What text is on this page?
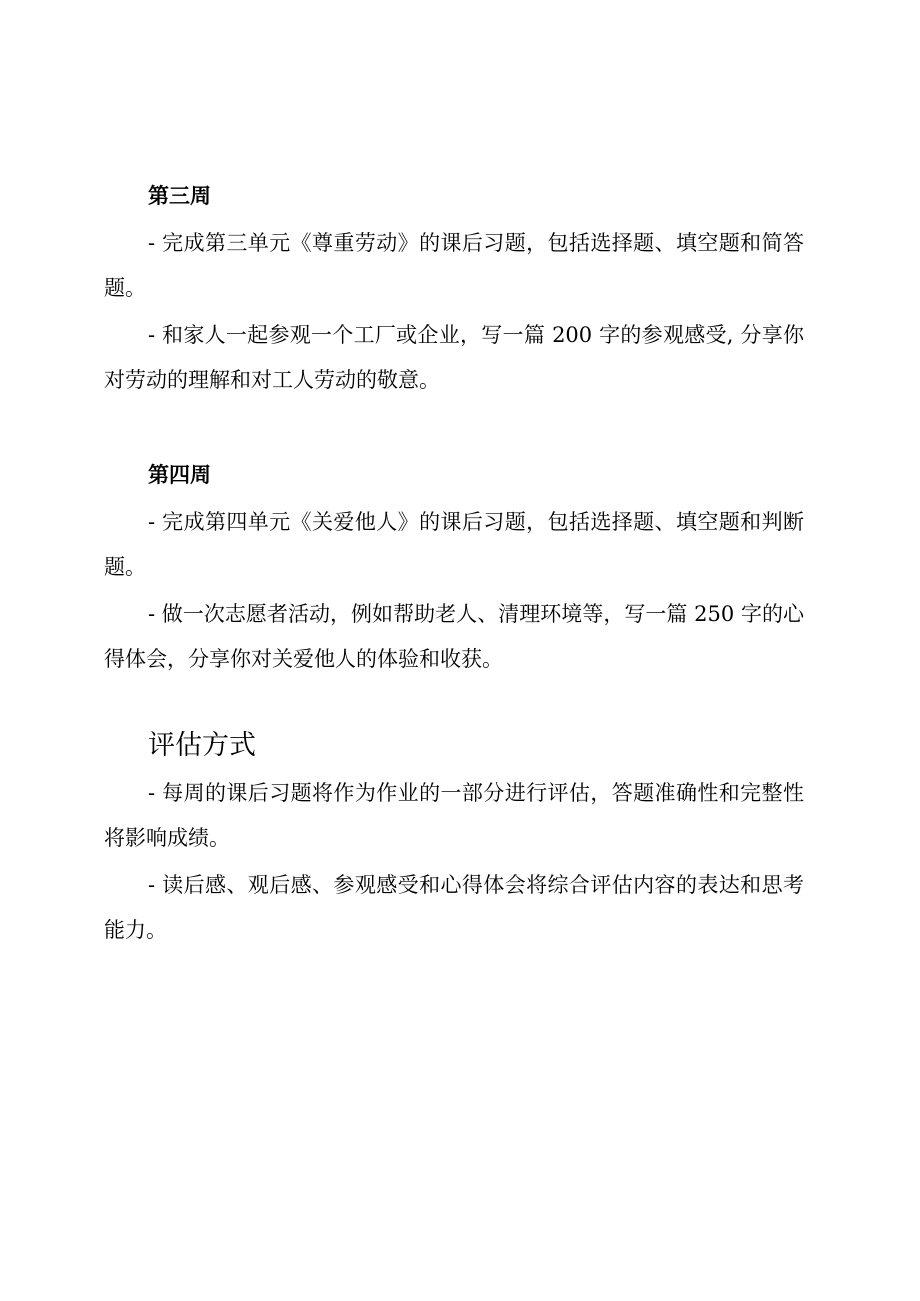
第三周

- 完成第三单元《尊重劳动》的课后习题，包括选择题、填空题和简答题。

- 和家人一起参观一个工厂或企业，写一篇 200 字的参观感受, 分享你对劳动的理解和对工人劳动的敬意。

第四周

- 完成第四单元《关爱他人》的课后习题，包括选择题、填空题和判断题。

- 做一次志愿者活动，例如帮助老人、清理环境等，写一篇 250 字的心得体会，分享你对关爱他人的体验和收获。

评估方式

- 每周的课后习题将作为作业的一部分进行评估，答题准确性和完整性将影响成绩。

- 读后感、观后感、参观感受和心得体会将综合评估内容的表达和思考能力。
